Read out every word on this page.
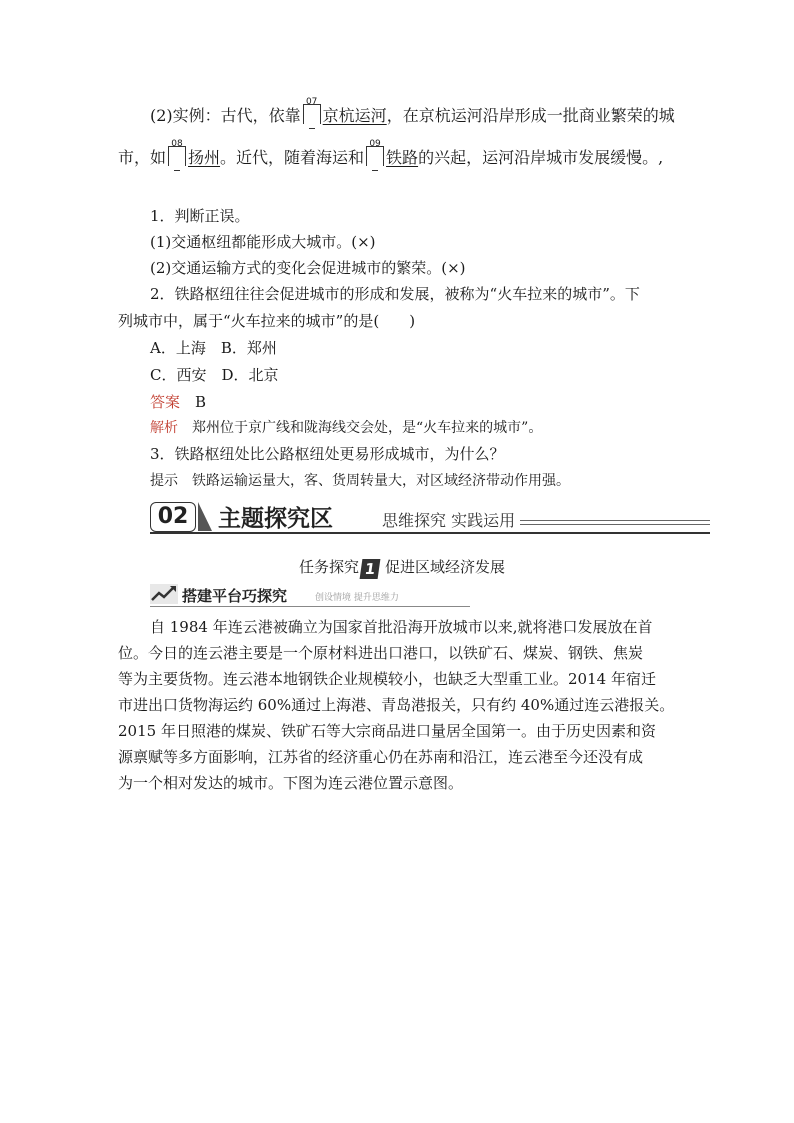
(2)实例：古代，依靠
07
京杭运河，在京杭运河沿岸形成一批商业繁荣的城
市，如
08
扬州。近代，随着海运和
09
铁路的兴起，运河沿岸城市发展缓慢。,
1．判断正误。
(1)交通枢纽都能形成大城市。(×)
(2)交通运输方式的变化会促进城市的繁荣。(×)
2．铁路枢纽往往会促进城市的形成和发展，被称为“火车拉来的城市”。下
列城市中，属于“火车拉来的城市”的是(　　)
A．上海　B．郑州
C．西安　D．北京
答案　 B
解析　 郑州位于京广线和陇海线交会处，是“火车拉来的城市”。
3．铁路枢纽处比公路枢纽处更易形成城市，为什么？
提示　 铁路运输运量大，客、货周转量大，对区域经济带动作用强。
02	主题探究区	思维探究 实践运用
任务探究 1 促进区域经济发展
搭建平台巧探究	创设情境 提升思维力
自 1984 年连云港被确立为国家首批沿海开放城市以来,就将港口发展放在首
位。今日的连云港主要是一个原材料进出口港口，以铁矿石、煤炭、钢铁、焦炭
等为主要货物。连云港本地钢铁企业规模较小，也缺乏大型重工业。2014 年宿迁
市进出口货物海运约 60%通过上海港、青岛港报关，只有约 40%通过连云港报关。
2015 年日照港的煤炭、铁矿石等大宗商品进口量居全国第一。由于历史因素和资
源禀赋等多方面影响，江苏省的经济重心仍在苏南和沿江，连云港至今还没有成
为一个相对发达的城市。下图为连云港位置示意图。
